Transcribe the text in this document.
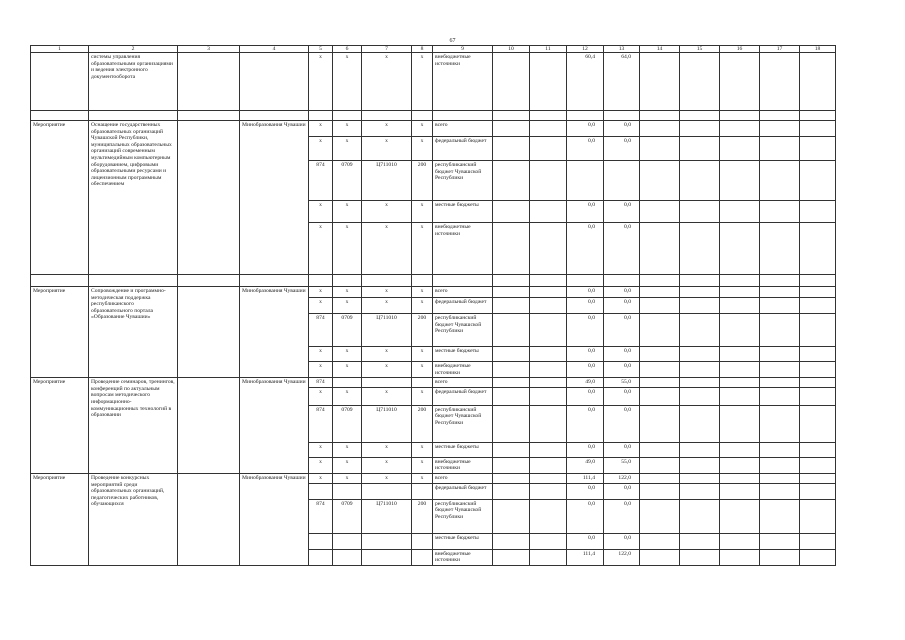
67
1	2	3	4	5	6	7	8	9	10	11	12	13	14	15	16	17	18
	системы управления образовательными организациями и ведения электронного документооборота			х	х	х	х	внебюджетные источники			60,4	64,0					

Мероприятие	Оснащение государственных образовательных организаций Чувашской Республики, муниципальных образовательных организаций современным мультимедийным компьютерным оборудованием, цифровыми образовательными ресурсами и лицензионным программным обеспечением		Минобразования Чувашии	х	х	х	х	всего			0,0	0,0					
				х	х	х	х	федеральный бюджет			0,0	0,0					
				874	0709	Ц711010	200	республиканский бюджет Чувашской Республики									
				х	х	х	х	местные бюджеты			0,0	0,0					
				х	х	х	х	внебюджетные источники			0,0	0,0					

Мероприятие	Сопровождение и программно-методическая поддержка республиканского образовательного портала «Образование Чувашии»		Минобразования Чувашии	х	х	х	х	всего			0,0	0,0					
				х	х	х	х	федеральный бюджет			0,0	0,0					
				874	0709	Ц711010	200	республиканский бюджет Чувашской Республики			0,0	0,0					
				х	х	х	х	местные бюджеты			0,0	0,0					
				х	х	х	х	внебюджетные источники			0,0	0,0					
Мероприятие	Проведение семинаров, тренингов, конференций по актуальным вопросам методического информационно-коммуникационных технологий в образовании		Минобразования Чувашии	874				всего			49,0	55,0					
				х	х	х	х	федеральный бюджет			0,0	0,0					
				874	0709	Ц711010	200	республиканский бюджет Чувашской Республики			0,0	0,0					
				х	х	х	х	местные бюджеты			0,0	0,0					
				х	х	х	х	внебюджетные источники			49,0	55,0					
Мероприятие	Проведение конкурсных мероприятий среди образовательных организаций, педагогических работников, обучающихся		Минобразования Чувашии	х	х	х	х	всего			111,4	122,0					
								федеральный бюджет			0,0	0,0					
				874	0709	Ц711010	200	республиканский бюджет Чувашской Республики			0,0	0,0					
								местные бюджеты			0,0	0,0					
								внебюджетные источники			111,4	122,0					
